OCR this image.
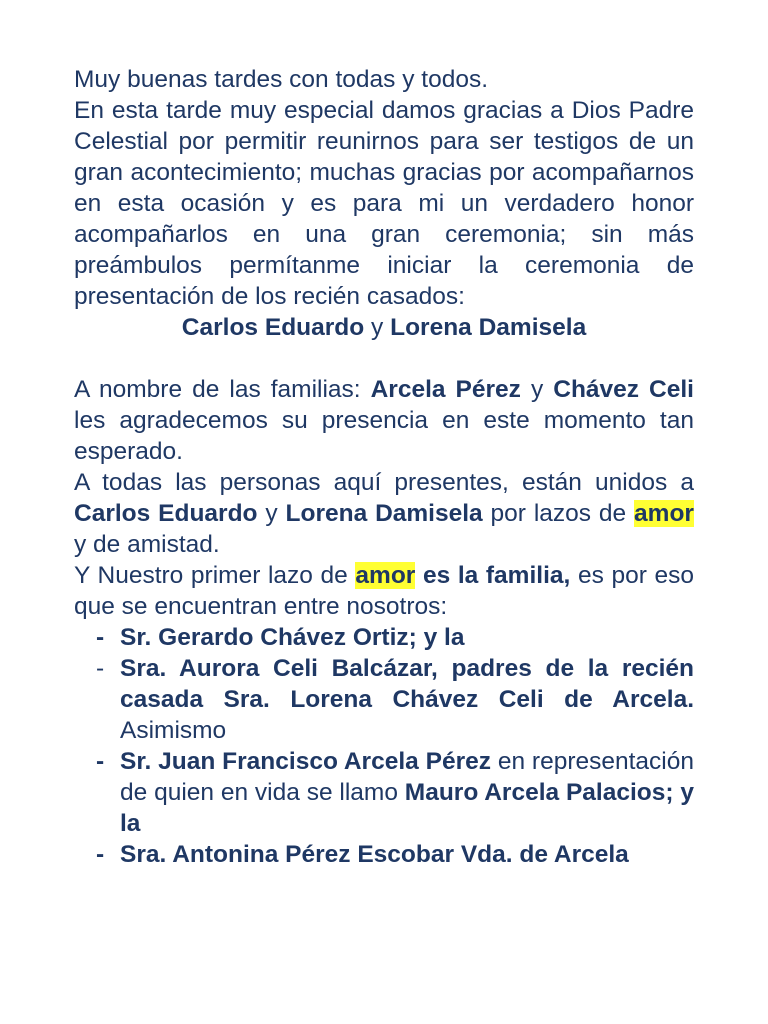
Muy buenas tardes con todas y todos.

En esta tarde muy especial damos gracias a Dios Padre Celestial por permitir reunirnos para ser testigos de un gran acontecimiento; muchas gracias por acompañarnos en esta ocasión y es para mi un verdadero honor acompañarlos en una gran ceremonia; sin más preámbulos permítanme iniciar la ceremonia de presentación de los recién casados:

Carlos Eduardo y Lorena Damisela

A nombre de las familias: Arcela Pérez y Chávez Celi les agradecemos su presencia en este momento tan esperado.

A todas las personas aquí presentes, están unidos a Carlos Eduardo y Lorena Damisela por lazos de amor y de amistad.

Y Nuestro primer lazo de amor es la familia, es por eso que se encuentran entre nosotros:

- Sr. Gerardo Chávez Ortiz; y la
- Sra. Aurora Celi Balcázar, padres de la recién casada Sra. Lorena Chávez Celi de Arcela. Asimismo
- Sr. Juan Francisco Arcela Pérez en representación de quien en vida se llamo Mauro Arcela Palacios; y la
- Sra. Antonina Pérez Escobar Vda. de Arcela
